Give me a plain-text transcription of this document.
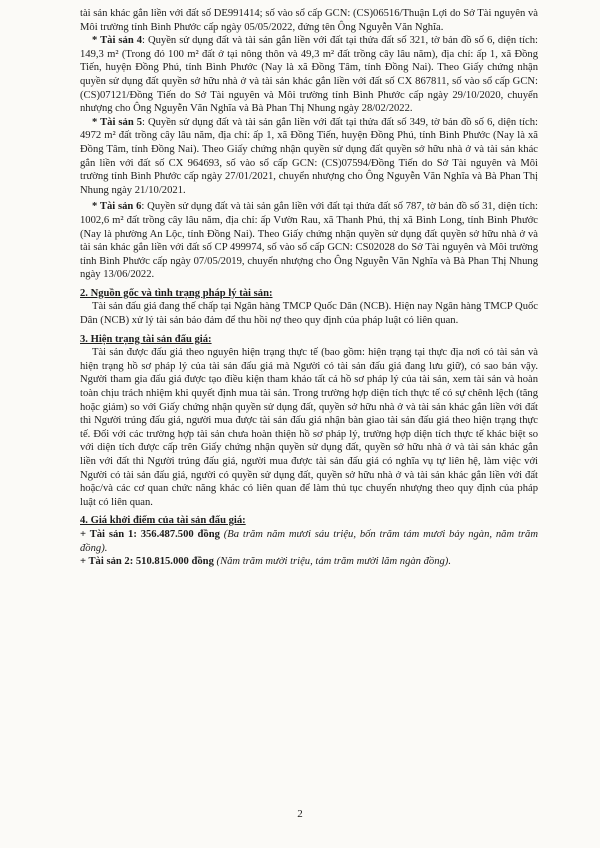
tài sản khác gắn liền với đất số DE991414; số vào sổ cấp GCN: (CS)06516/Thuận Lợi do Sở Tài nguyên và Môi trường tỉnh Bình Phước cấp ngày 05/05/2022, đứng tên Ông Nguyễn Văn Nghĩa.

* Tài sản 4: Quyền sử dụng đất và tài sản gắn liền với đất tại thửa đất số 321, tờ bản đồ số 6, diện tích: 149,3 m² (Trong đó 100 m² đất ở tại nông thôn và 49,3 m² đất trồng cây lâu năm), địa chỉ: ấp 1, xã Đồng Tiến, huyện Đồng Phú, tỉnh Bình Phước (Nay là xã Đồng Tâm, tỉnh Đồng Nai). Theo Giấy chứng nhận quyền sử dụng đất quyền sở hữu nhà ở và tài sản khác gắn liền với đất số CX 867811, số vào sổ cấp GCN: (CS)07121/Đồng Tiến do Sở Tài nguyên và Môi trường tỉnh Bình Phước cấp ngày 29/10/2020, chuyển nhượng cho Ông Nguyễn Văn Nghĩa và Bà Phan Thị Nhung ngày 28/02/2022.

* Tài sản 5: Quyền sử dụng đất và tài sản gắn liền với đất tại thửa đất số 349, tờ bản đồ số 6, diện tích: 4972 m² đất trồng cây lâu năm, địa chỉ: ấp 1, xã Đồng Tiến, huyện Đồng Phú, tỉnh Bình Phước (Nay là xã Đồng Tâm, tỉnh Đồng Nai). Theo Giấy chứng nhận quyền sử dụng đất quyền sở hữu nhà ở và tài sản khác gắn liền với đất số CX 964693, số vào sổ cấp GCN: (CS)07594/Đồng Tiến do Sở Tài nguyên và Môi trường tỉnh Bình Phước cấp ngày 27/01/2021, chuyển nhượng cho Ông Nguyễn Văn Nghĩa và Bà Phan Thị Nhung ngày 21/10/2021.

* Tài sản 6: Quyền sử dụng đất và tài sản gắn liền với đất tại thửa đất số 787, tờ bản đồ số 31, diện tích: 1002,6 m² đất trồng cây lâu năm, địa chỉ: ấp Vườn Rau, xã Thanh Phú, thị xã Bình Long, tỉnh Bình Phước (Nay là phường An Lộc, tỉnh Đồng Nai). Theo Giấy chứng nhận quyền sử dụng đất quyền sở hữu nhà ở và tài sản khác gắn liền với đất số CP 499974, số vào sổ cấp GCN: CS02028 do Sở Tài nguyên và Môi trường tỉnh Bình Phước cấp ngày 07/05/2019, chuyển nhượng cho Ông Nguyễn Văn Nghĩa và Bà Phan Thị Nhung ngày 13/06/2022.

2. Nguồn gốc và tình trạng pháp lý tài sản:

Tài sản đấu giá đang thế chấp tại Ngân hàng TMCP Quốc Dân (NCB). Hiện nay Ngân hàng TMCP Quốc Dân (NCB) xử lý tài sản bảo đảm để thu hồi nợ theo quy định của pháp luật có liên quan.

3. Hiện trạng tài sản đấu giá:

Tài sản được đấu giá theo nguyên hiện trạng thực tế (bao gồm: hiện trạng tại thực địa nơi có tài sản và hiện trạng hồ sơ pháp lý của tài sản đấu giá mà Người có tài sản đấu giá đang lưu giữ), có sao bản vậy. Người tham gia đấu giá được tạo điều kiện tham khảo tất cả hồ sơ pháp lý của tài sản, xem tài sản và hoàn toàn chịu trách nhiệm khi quyết định mua tài sản. Trong trường hợp diện tích thực tế có sự chênh lệch (tăng hoặc giảm) so với Giấy chứng nhận quyền sử dụng đất, quyền sở hữu nhà ở và tài sản khác gắn liền với đất thì Người trúng đấu giá, người mua được tài sản đấu giá nhận bàn giao tài sản đấu giá theo hiện trạng thực tế. Đối với các trường hợp tài sản chưa hoàn thiện hồ sơ pháp lý, trường hợp diện tích thực tế khác biệt so với diện tích được cấp trên Giấy chứng nhận quyền sử dụng đất, quyền sở hữu nhà ở và tài sản khác gắn liền với đất thì Người trúng đấu giá, người mua được tài sản đấu giá có nghĩa vụ tự liên hệ, làm việc với Người có tài sản đấu giá, người có quyền sử dụng đất, quyền sở hữu nhà ở và tài sản khác gắn liền với đất hoặc/và các cơ quan chức năng khác có liên quan để làm thủ tục chuyển nhượng theo quy định của pháp luật có liên quan.

4. Giá khởi điểm của tài sản đấu giá:

+ Tài sản 1: 356.487.500 đồng (Ba trăm năm mươi sáu triệu, bốn trăm tám mươi bảy ngàn, năm trăm đồng).

+ Tài sản 2: 510.815.000 đồng (Năm trăm mười triệu, tám trăm mười lăm ngàn đồng).

2
